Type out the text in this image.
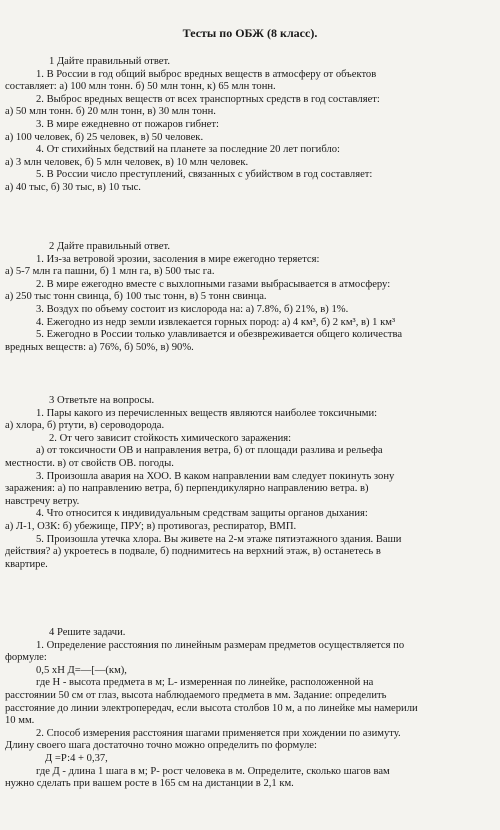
Тесты по ОБЖ (8 класс).
1 Дайте правильный ответ.
1. В России в год общий выброс вредных веществ в атмосферу от объектов
составляет: а) 100 млн тонн. б) 50 млн тонн, к) 65 млн тонн.
2. Выброс вредных веществ от всех транспортных средств в год составляет:
а) 50 млн тонн. б) 20 млн тонн, в) 30 млн тонн.
3. В мире ежедневно от пожаров гибнет:
а) 100 человек, б) 25 человек, в) 50 человек.
4. От стихийных бедствий на планете за последние 20 лет погибло:
а) 3 млн человек, б) 5 млн человек, в) 10 млн человек.
5. В России число преступлений, связанных с убийством в год составляет:
а) 40 тыс, б) 30 тыс, в) 10 тыс.
2 Дайте правильный ответ.
1. Из-за ветровой эрозии, засоления в мире ежегодно теряется:
а) 5-7 млн га пашни, б) 1 млн га, в) 500 тыс га.
2. В мире ежегодно вместе с выхлопными газами выбрасывается в атмосферу:
а) 250 тыс тонн свинца, б) 100 тыс тонн, в) 5 тонн свинца.
3. Воздух по объему состоит из кислорода на: а) 7.8%, б) 21%, в) 1%.
4. Ежегодно из недр земли извлекается горных пород: а) 4 км³, б) 2 км³, в) 1 км³
5. Ежегодно в России только улавливается и обезвреживается общего количества
вредных веществ: а) 76%, б) 50%, в) 90%.
3 Ответьте на вопросы.
1. Пары какого из перечисленных веществ являются наиболее токсичными:
а) хлора, б) ртути, в) сероводорода.
2. От чего зависит стойкость химического заражения:
а) от токсичности ОВ и направления ветра, б) от площади разлива и рельефа
местности. в) от свойств ОВ. погоды.
3. Произошла авария на ХОО. В каком направлении вам следует покинуть зону
заражения: а) по направлению ветра, б) перпендикулярно направлению ветра. в)
навстречу ветру.
4. Что относится к индивидуальным средствам защиты органов дыхания:
а) Л-1, ОЗК: б) убежище, ПРУ; в) противогаз, респиратор, ВМП.
5. Произошла утечка хлора. Вы живете на 2-м этаже пятиэтажного здания. Ваши
действия? а) укроетесь в подвале, б) поднимитесь на верхний этаж, в) останетесь в
квартире.
4 Решите задачи.
1. Определение расстояния по линейным размерам предметов осуществляется по
формуле:
0,5 хН Д=—[—(км),
где Н - высота предмета в м; L- измеренная по линейке, расположенной на
расстоянии 50 см от глаз, высота наблюдаемого предмета в мм. Задание: определить
расстояние до линии электропередач, если высота столбов 10 м, а по линейке мы намерили
10 мм.
2. Способ измерения расстояния шагами применяется при хождении по азимуту.
Длину своего шага достаточно точно можно определить по формуле:
Д =Р:4 + 0,37,
где Д - длина 1 шага в м; Р- рост человека в м. Определите, сколько шагов вам
нужно сделать при вашем росте в 165 см на дистанции в 2,1 км.
